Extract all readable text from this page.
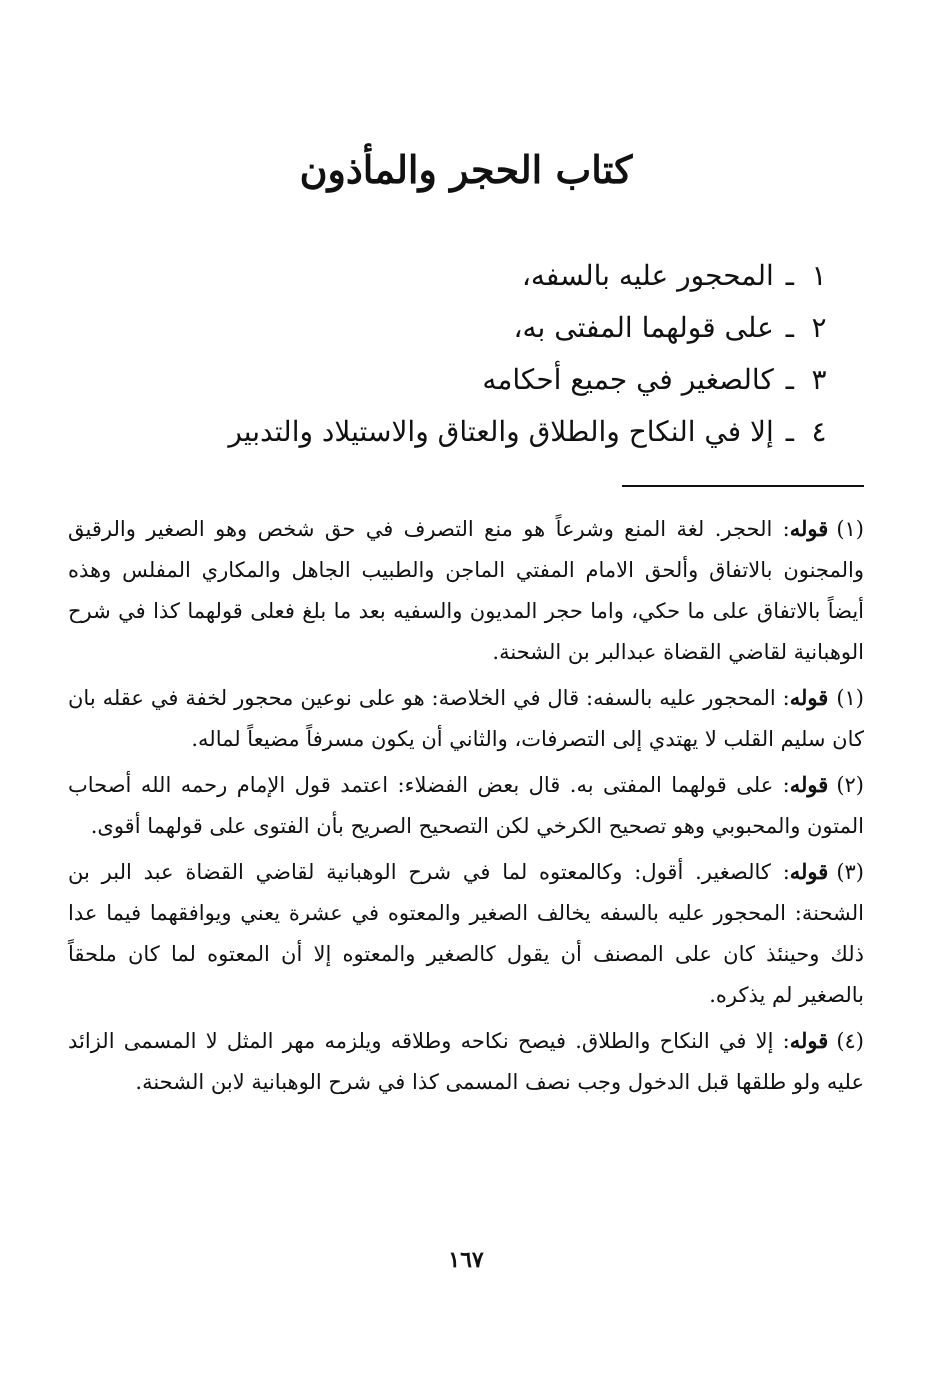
كتاب الحجر والمأذون
١ـالمحجور عليه بالسفه،
٢ـعلى قولهما المفتى به،
٣ـكالصغير في جميع أحكامه
٤ـإلا في النكاح والطلاق والعتاق والاستيلاد والتدبير

(١)قوله: الحجر. لغة المنع وشرعاً هو منع التصرف في حق شخص وهو الصغير والرقيق والمجنون بالاتفاق وألحق الامام المفتي الماجن والطبيب الجاهل والمكاري المفلس وهذه أيضاً بالاتفاق على ما حكي، واما حجر المديون والسفيه بعد ما بلغ فعلى قولهما كذا في شرح الوهبانية لقاضي القضاة عبدالبر بن الشحنة.

(١)قوله: المحجور عليه بالسفه: قال في الخلاصة: هو على نوعين محجور لخفة في عقله بان كان سليم القلب لا يهتدي إلى التصرفات، والثاني أن يكون مسرفاً مضيعاً لماله.

(٢)قوله: على قولهما المفتى به. قال بعض الفضلاء: اعتمد قول الإمام رحمه الله أصحاب المتون والمحبوبي وهو تصحيح الكرخي لكن التصحيح الصريح بأن الفتوى على قولهما أقوى.

(٣)قوله: كالصغير. أقول: وكالمعتوه لما في شرح الوهبانية لقاضي القضاة عبد البر بن الشحنة: المحجور عليه بالسفه يخالف الصغير والمعتوه في عشرة يعني ويوافقهما فيما عدا ذلك وحينئذ كان على المصنف أن يقول كالصغير والمعتوه إلا أن المعتوه لما كان ملحقاً بالصغير لم يذكره.

(٤)قوله: إلا في النكاح والطلاق. فيصح نكاحه وطلاقه ويلزمه مهر المثل لا المسمى الزائد عليه ولو طلقها قبل الدخول وجب نصف المسمى كذا في شرح الوهبانية لابن الشحنة.

١٦٧
